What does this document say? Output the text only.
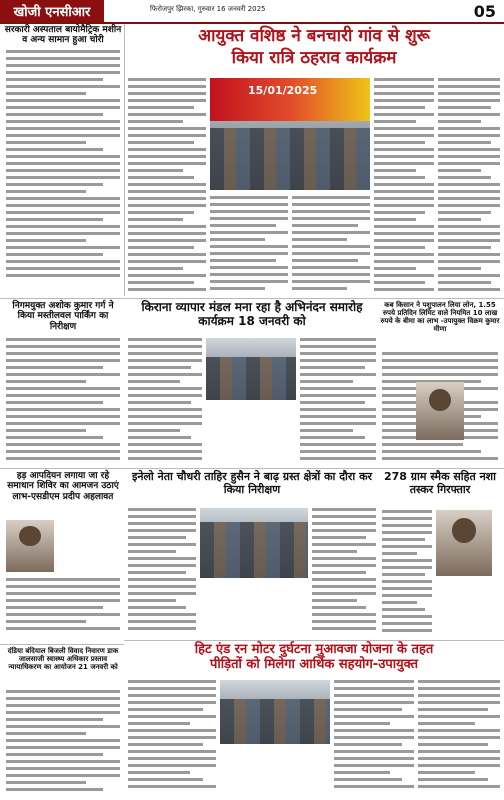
खोजी एनसीआर	फिरोजपुर झिरका, गुरुवार 16 जनवरी 2025	05
सरकारी अस्पताल बायोमैट्रिक मशीन व अन्य सामान हुआ चोरी	आयुक्त वशिष्ठ ने बनचारी गांव से शुरू
किया रात्रि ठहराव कार्यक्रम
15/01/2025
निगमयुक्त अशोक कुमार गर्ग ने किया मस्तीलवल पार्किंग का निरीक्षण
किराना व्यापार मंडल मना रहा है अभिनंदन समारोह कार्यक्रम 18 जनवरी को
कब किसान ने पशुपालन लिया लोन, 1.55 रुपये प्रतिदिन लिमिट वाले नियमित 10 लाख रुपये के बीमा का लाभ -उपायुक्त विक्रम कुमार मीणा
हड़ आपदियन लगाया जा रहे समाधान शिविर का आमजन उठाएं लाभ-एसडीएम प्रदीप अहलावत
इनेलो नेता चौधरी ताहिर हुसैन ने बाढ़ ग्रस्त क्षेत्रों का दौरा कर किया निरीक्षण
278 ग्राम स्मैक सहित नशा तस्कर गिरफ्तार
हिट एंड रन मोटर दुर्घटना मुआवजा योजना के तहत
पीड़ितों को मिलेगा आर्थिक सहयोग-उपायुक्त
दंडिया बंदियाल बिजली विवाद निवारण डाक जालसाजी स्वास्थ्य अधिकार प्रस्ताव न्यायाधिकरण का आयोजन 21 जनवरी को
